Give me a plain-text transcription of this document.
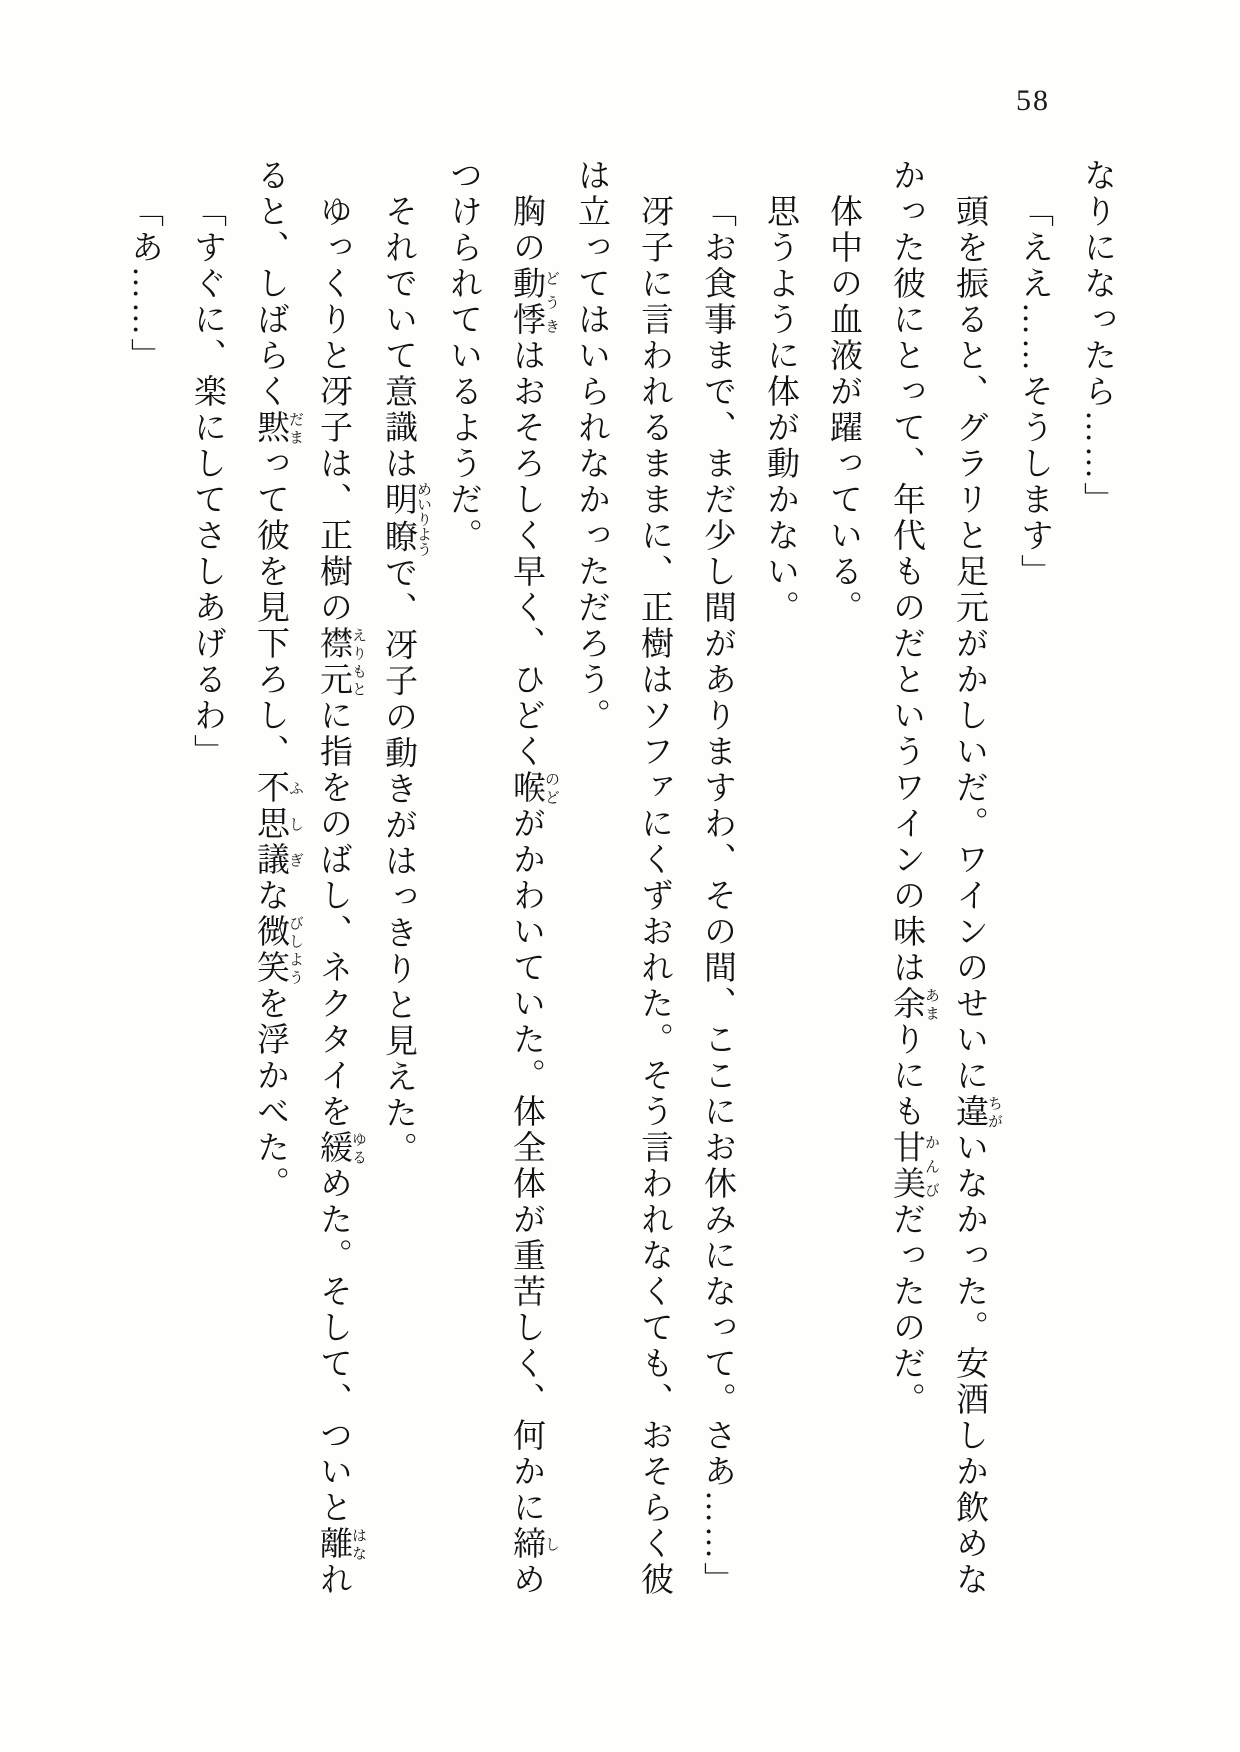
58

なりになったら……」

「ええ……そうします」

頭を振ると、グラリと足元がかしいだ。ワインのせいに違 ちがいなかった。安酒しか飲めなかった彼にとって、年代ものだというワインの味は余 あまりにも甘美 かんびだったのだ。

体中の血液が躍っている。

思うように体が動かない。

「お食事まで、まだ少し間がありますわ、その間、ここにお休みになって。さあ……」

冴子に言われるままに、正樹はソファにくずおれた。そう言われなくても、おそらく彼は立ってはいられなかっただろう。

胸の動悸 どうきはおそろしく早く、ひどく喉 のどがかわいていた。体全体が重苦しく、何かに締 しめつけられているようだ。

それでいて意識は明瞭 めいりようで、冴子の動きがはっきりと見えた。

ゆっくりと冴子は、正樹の襟元 えりもとに指をのばし、ネクタイを緩 ゆるめた。そして、ついと離 はなれると、しばらく黙 だまって彼を見下ろし、不思議 ふしぎな微笑 びしようを浮かべた。

「すぐに、楽にしてさしあげるわ」

「あ……」
